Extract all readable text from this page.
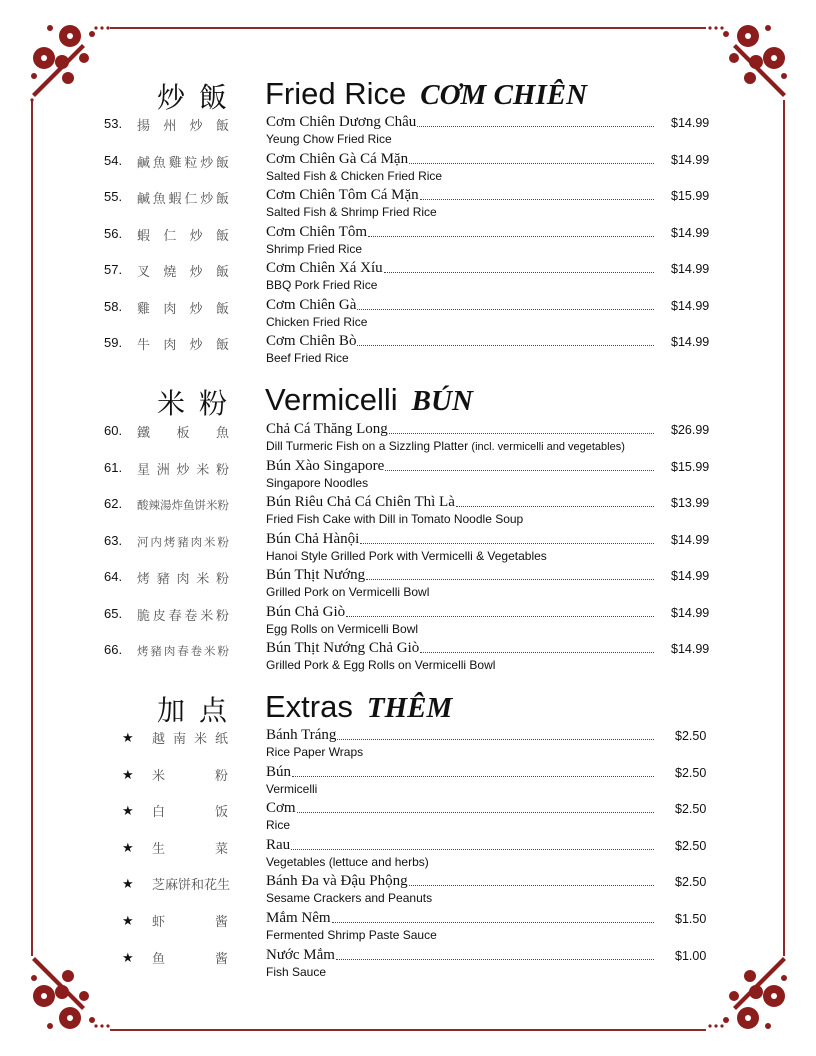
炒飯 Fried Rice CƠM CHIÊN
53. 揚 州 炒 飯 Cơm Chiên Dương Châu
Yeung Chow Fried Rice
$14.99
54. 鹹 魚 雞 粒 炒 飯 Cơm Chiên Gà Cá Mặn
Salted Fish & Chicken Fried Rice
$14.99
55. 鹹 魚 蝦 仁 炒 飯 Cơm Chiên Tôm Cá Mặn
Salted Fish & Shrimp Fried Rice
$15.99
56. 蝦 仁 炒 飯 Cơm Chiên Tôm
Shrimp Fried Rice
$14.99
57. 叉 燒 炒 飯 Cơm Chiên Xá Xíu
BBQ Pork Fried Rice
$14.99
58. 雞 肉 炒 飯 Cơm Chiên Gà
Chicken Fried Rice
$14.99
59. 牛 肉 炒 飯 Cơm Chiên Bò
Beef Fried Rice
$14.99
米粉 Vermicelli BÚN
60. 鐵 板 魚 Chả Cá Thăng Long
Dill Turmeric Fish on a Sizzling Platter (incl. vermicelli and vegetables)
$26.99
61. 星 洲 炒 米 粉 Bún Xào Singapore
Singapore Noodles
$15.99
62. 酸 辣 湯 炸 鱼 饼 米 粉 Bún Riêu Chả Cá Chiên Thì Là
Fried Fish Cake with Dill in Tomato Noodle Soup
$13.99
63. 河 内 烤 豬 肉 米 粉 Bún Chả Hànội
Hanoi Style Grilled Pork with Vermicelli & Vegetables
$14.99
64. 烤 豬 肉 米 粉 Bún Thịt Nướng
Grilled Pork on Vermicelli Bowl
$14.99
65. 脆 皮 春 卷 米 粉 Bún Chả Giò
Egg Rolls on Vermicelli Bowl
$14.99
66. 烤 豬 肉 春 卷 米 粉 Bún Thịt Nướng Chả Giò
Grilled Pork & Egg Rolls on Vermicelli Bowl
$14.99
加点 Extras THÊM
★ 越 南 米 纸	Bánh Tráng
Rice Paper Wraps
$2.50
★ 米	粉	Bún
Vermicelli
$2.50
★ 白	饭	Cơm
Rice
$2.50
★ 生	菜	Rau
Vegetables (lettuce and herbs)
$2.50
★ 芝 麻 饼 和 花 生 Bánh Đa và Đậu Phộng
Sesame Crackers and Peanuts
$2.50
★ 虾	酱	Mắm Nêm
Fermented Shrimp Paste Sauce
$1.50
★ 鱼	酱	Nước Mắm
Fish Sauce
$1.00
